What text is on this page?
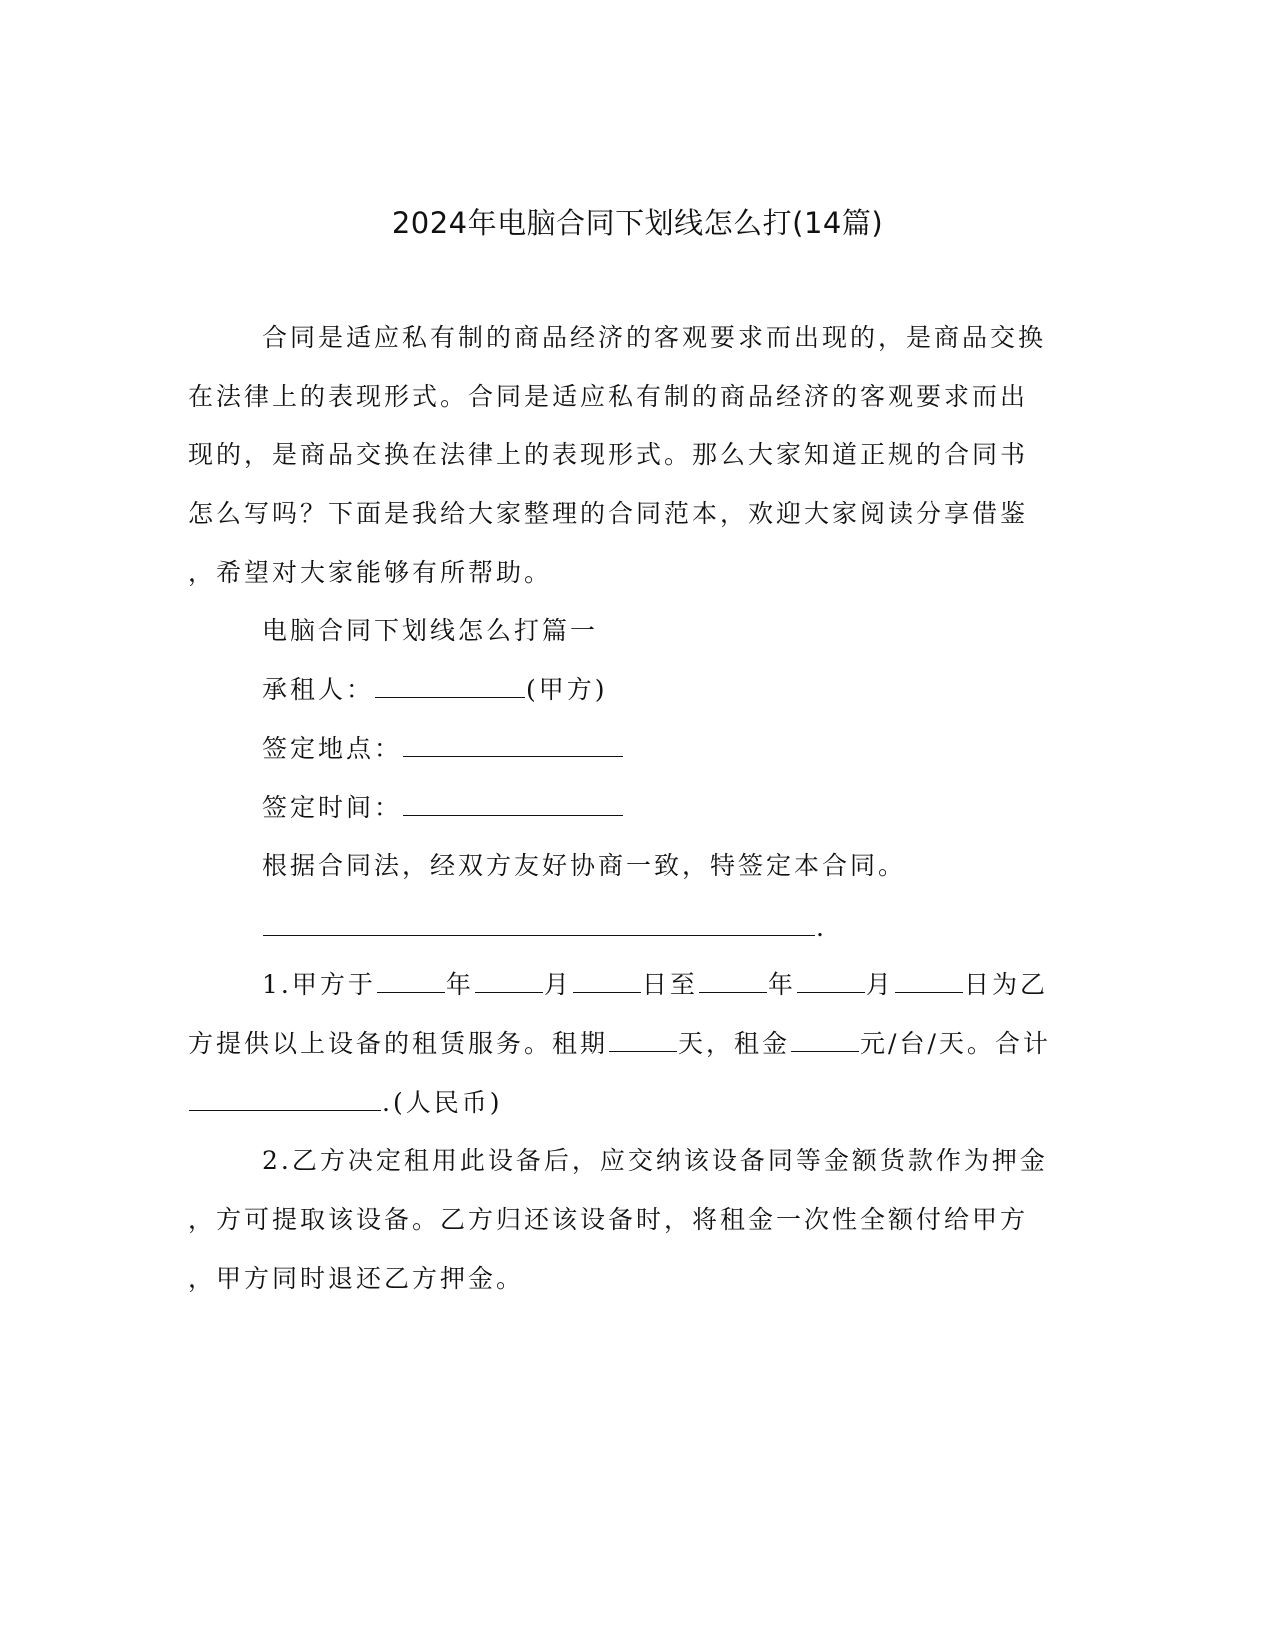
2024年电脑合同下划线怎么打(14篇)
合同是适应私有制的商品经济的客观要求而出现的，是商品交换
在法律上的表现形式。合同是适应私有制的商品经济的客观要求而出
现的，是商品交换在法律上的表现形式。那么大家知道正规的合同书
怎么写吗？下面是我给大家整理的合同范本，欢迎大家阅读分享借鉴
，希望对大家能够有所帮助。
电脑合同下划线怎么打篇一
承租人：	(甲方)
签定地点：
签定时间：
根据合同法，经双方友好协商一致，特签定本合同。
.
1.甲方于	年	月	日至	年	月	日为乙
方提供以上设备的租赁服务。租期	天，租金	元/台/天。合计
.(人民币)
2.乙方决定租用此设备后，应交纳该设备同等金额货款作为押金
，方可提取该设备。乙方归还该设备时，将租金一次性全额付给甲方
，甲方同时退还乙方押金。
